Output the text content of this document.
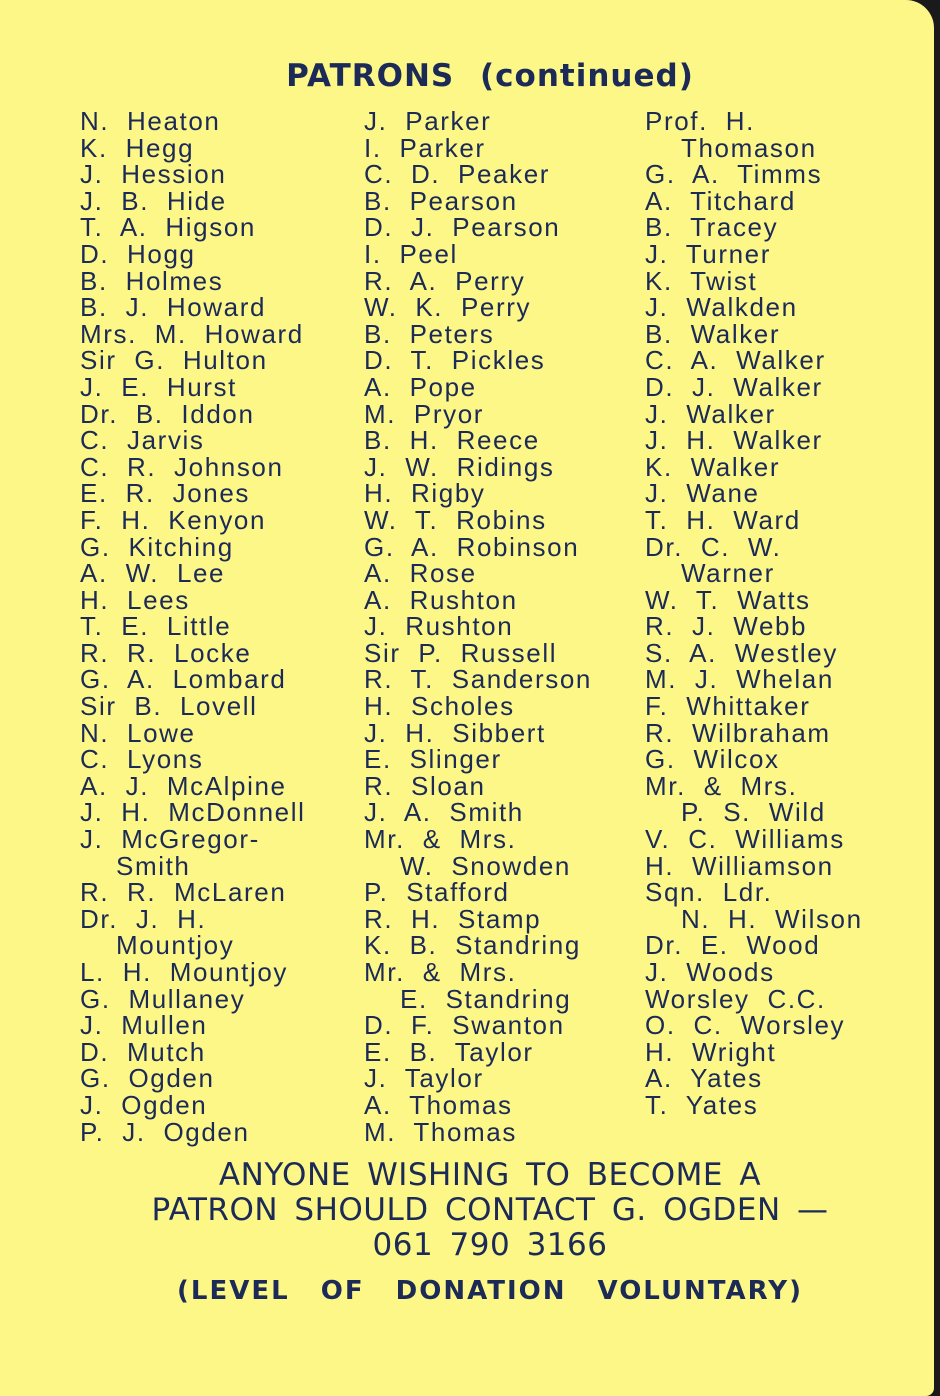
PATRONS (continued)
N. Heaton
K. Hegg
J. Hession
J. B. Hide
T. A. Higson
D. Hogg
B. Holmes
B. J. Howard
Mrs. M. Howard
Sir G. Hulton
J. E. Hurst
Dr. B. Iddon
C. Jarvis
C. R. Johnson
E. R. Jones
F. H. Kenyon
G. Kitching
A. W. Lee
H. Lees
T. E. Little
R. R. Locke
G. A. Lombard
Sir B. Lovell
N. Lowe
C. Lyons
A. J. McAlpine
J. H. McDonnell
J. McGregor-
Smith
R. R. McLaren
Dr. J. H.
Mountjoy
L. H. Mountjoy
G. Mullaney
J. Mullen
D. Mutch
G. Ogden
J. Ogden
P. J. Ogden
J. Parker
I. Parker
C. D. Peaker
B. Pearson
D. J. Pearson
I. Peel
R. A. Perry
W. K. Perry
B. Peters
D. T. Pickles
A. Pope
M. Pryor
B. H. Reece
J. W. Ridings
H. Rigby
W. T. Robins
G. A. Robinson
A. Rose
A. Rushton
J. Rushton
Sir P. Russell
R. T. Sanderson
H. Scholes
J. H. Sibbert
E. Slinger
R. Sloan
J. A. Smith
Mr. & Mrs.
W. Snowden
P. Stafford
R. H. Stamp
K. B. Standring
Mr. & Mrs.
E. Standring
D. F. Swanton
E. B. Taylor
J. Taylor
A. Thomas
M. Thomas
Prof. H.
Thomason
G. A. Timms
A. Titchard
B. Tracey
J. Turner
K. Twist
J. Walkden
B. Walker
C. A. Walker
D. J. Walker
J. Walker
J. H. Walker
K. Walker
J. Wane
T. H. Ward
Dr. C. W.
Warner
W. T. Watts
R. J. Webb
S. A. Westley
M. J. Whelan
F. Whittaker
R. Wilbraham
G. Wilcox
Mr. & Mrs.
P. S. Wild
V. C. Williams
H. Williamson
Sqn. Ldr.
N. H. Wilson
Dr. E. Wood
J. Woods
Worsley C.C.
O. C. Worsley
H. Wright
A. Yates
T. Yates

ANYONE WISHING TO BECOME A

PATRON SHOULD CONTACT G. OGDEN —

061 790 3166

(LEVEL OF DONATION VOLUNTARY)
